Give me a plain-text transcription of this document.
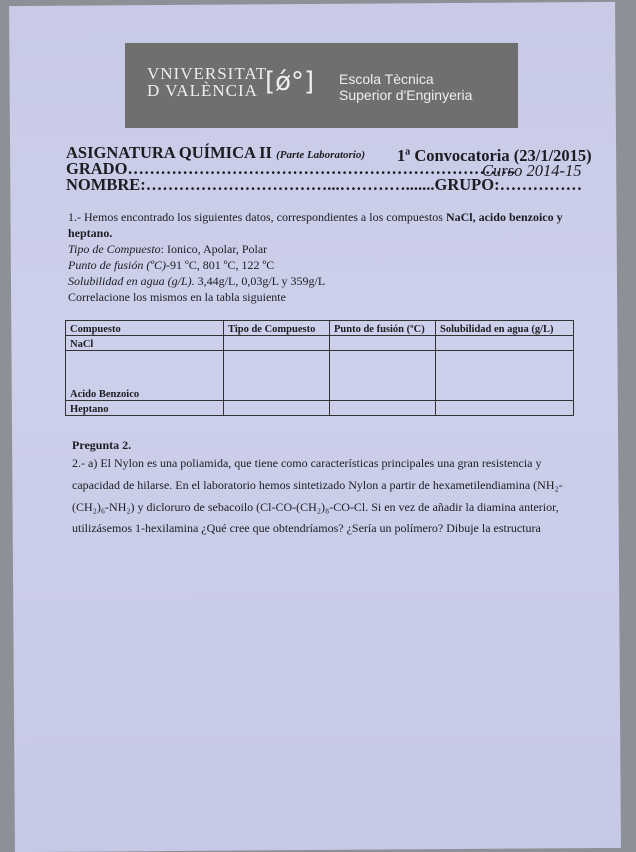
VNIVERSITAT
D VALÈNCIA [ǿ°] Escola Tècnica
Superior d'Enginyeria
ASIGNATURA QUÍMICA II (Parte Laboratorio) 1ª Convocatoria (23/1/2015)
GRADO……………………………………………………………..
Curso 2014-15
NOMBRE:……………………………...………….......GRUPO:……………
1.- Hemos encontrado los siguientes datos, correspondientes a los compuestos NaCl, acido benzoico y
heptano.
Tipo de Compuesto: Ionico, Apolar, Polar
Punto de fusión (ºC)-91 ºC, 801 ºC, 122 ºC
Solubilidad en agua (g/L). 3,44g/L, 0,03g/L y 359g/L
Correlacione los mismos en la tabla siguiente
Compuesto	Tipo de Compuesto	Punto de fusión (ºC)	Solubilidad en agua (g/L)
NaCl			
Acido Benzoico			
Heptano			
Pregunta 2.
2.- a) El Nylon es una poliamida, que tiene como características principales una gran resistencia y
capacidad de hilarse. En el laboratorio hemos sintetizado Nylon a partir de hexametilendiamina (NH₂-
(CH₂)₆-NH₂) y dicloruro de sebacoilo (Cl-CO-(CH₂)₈-CO-Cl. Si en vez de añadir la diamina anterior,
utilizásemos 1-hexilamina ¿Qué cree que obtendríamos? ¿Sería un polímero? Dibuje la estructura
